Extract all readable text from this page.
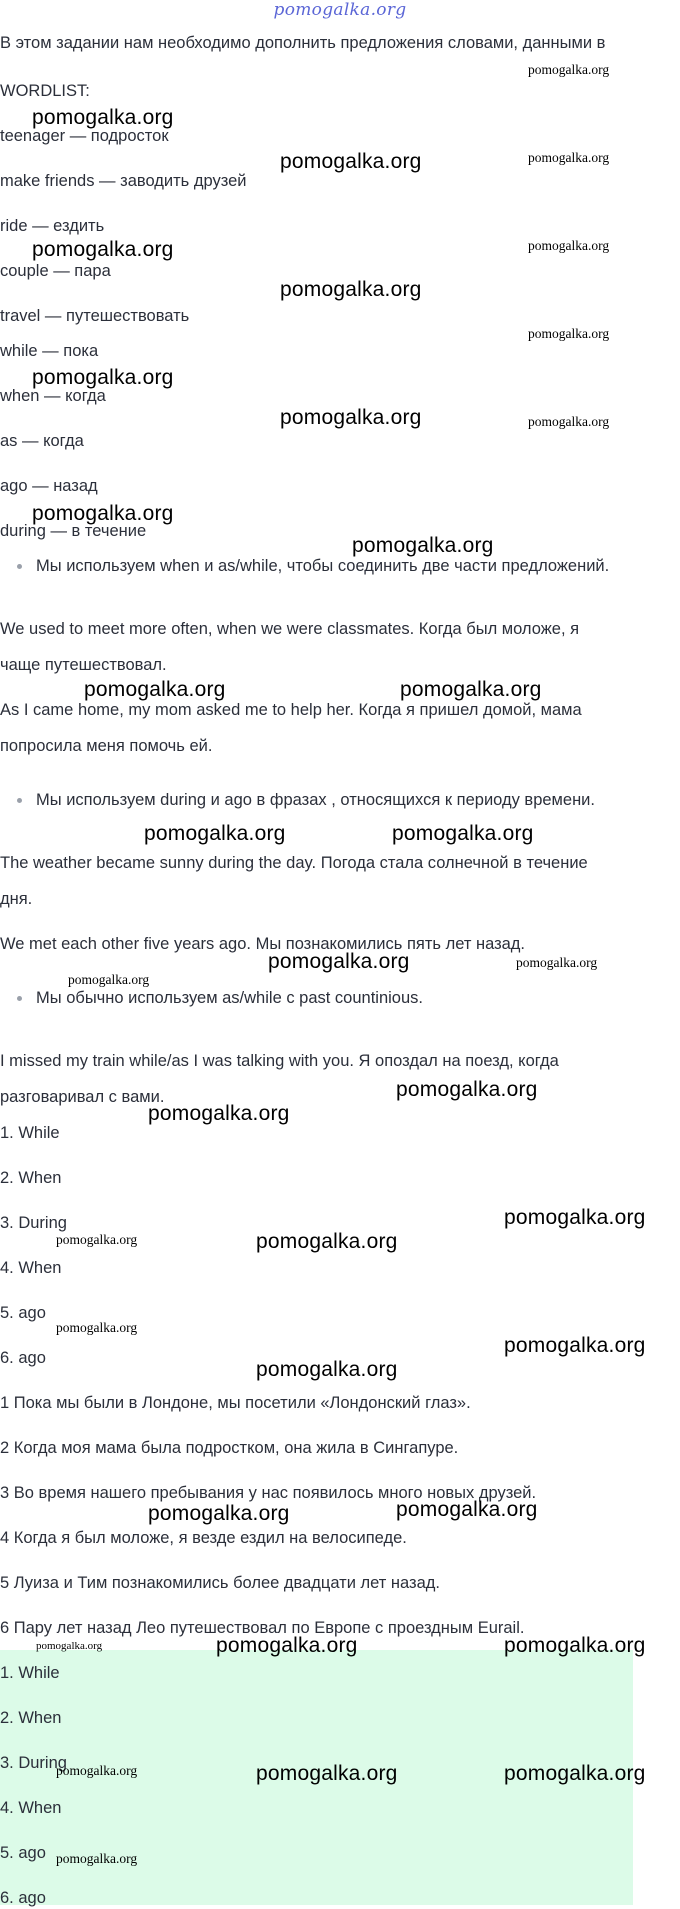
pomogalka.org
В этом задании нам необходимо дополнить предложения словами, данными в
WORDLIST:
teenager — подросток
make friends — заводить друзей
ride — ездить
couple — пара
travel — путешествовать
while — пока
when — когда
as — когда
ago — назад
during — в течение
Мы используем when и as/while, чтобы соединить две части предложений.
We used to meet more often, when we were classmates. Когда был моложе, я
чаще путешествовал.
As I came home, my mom asked me to help her. Когда я пришел домой, мама
попросила меня помочь ей.
Мы используем during и ago в фразах , относящихся к периоду времени.
The weather became sunny during the day. Погода стала солнечной в течение
дня.
We met each other five years ago. Мы познакомились пять лет назад.
Мы обычно используем as/while с past countinious.
I missed my train while/as I was talking with you. Я опоздал на поезд, когда
разговаривал с вами.
1. While
2. When
3. During
4. When
5. ago
6. ago
1 Пока мы были в Лондоне, мы посетили «Лондонский глаз».
2 Когда моя мама была подростком, она жила в Сингапуре.
3 Во время нашего пребывания у нас появилось много новых друзей.
4 Когда я был моложе, я везде ездил на велосипеде.
5 Луиза и Тим познакомились более двадцати лет назад.
6 Пару лет назад Лео путешествовал по Европе с проездным Eurail.
1. While
2. When
3. During
4. When
5. ago
6. ago
pomogalka.org
pomogalka.org
pomogalka.org	pomogalka.org
pomogalka.org	pomogalka.org
pomogalka.org
pomogalka.org
pomogalka.org
pomogalka.org	pomogalka.org
pomogalka.org
pomogalka.org
pomogalka.org	pomogalka.org
pomogalka.org	pomogalka.org
pomogalka.org	pomogalka.org
pomogalka.org
pomogalka.org
pomogalka.org
pomogalka.org
pomogalka.org	pomogalka.org
pomogalka.org
pomogalka.org
pomogalka.org
pomogalka.org	pomogalka.org
pomogalka.org	pomogalka.org	pomogalka.org
pomogalka.org	pomogalka.org	pomogalka.org
pomogalka.org
